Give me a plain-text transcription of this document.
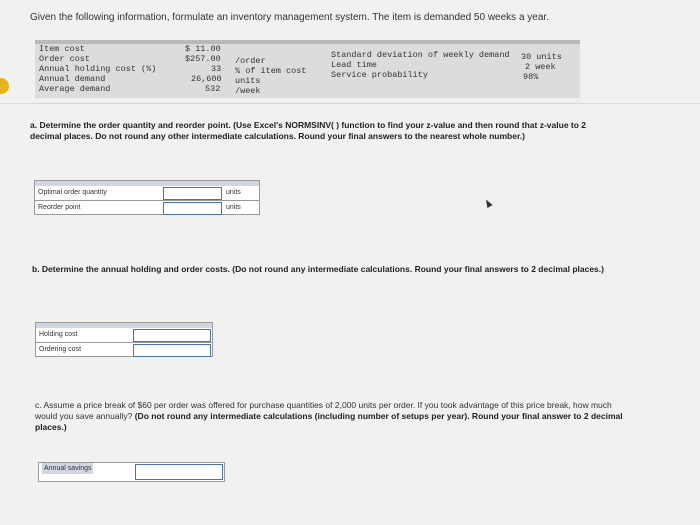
Given the following information, formulate an inventory management system. The item is demanded 50 weeks a year.
Item cost
Order cost
Annual holding cost (%)
Annual demand
Average demand
$ 11.00
$257.00
33
26,600
532
/order
% of item cost
units
/week
Standard deviation of weekly demand
Lead time
Service probability
30 units
2 week
98%
a. Determine the order quantity and reorder point. (Use Excel's NORMSINV( ) function to find your z-value and then round that z-value to 2 decimal places. Do not round any other intermediate calculations. Round your final answers to the nearest whole number.)
Optimal order quantity	units
Reorder point	units
b. Determine the annual holding and order costs. (Do not round any intermediate calculations. Round your final answers to 2 decimal places.)
Holding cost
Ordering cost
c. Assume a price break of $60 per order was offered for purchase quantities of 2,000 units per order. If you took advantage of this price break, how much would you save annually? (Do not round any intermediate calculations (including number of setups per year). Round your final answer to 2 decimal places.)
Annual savings
